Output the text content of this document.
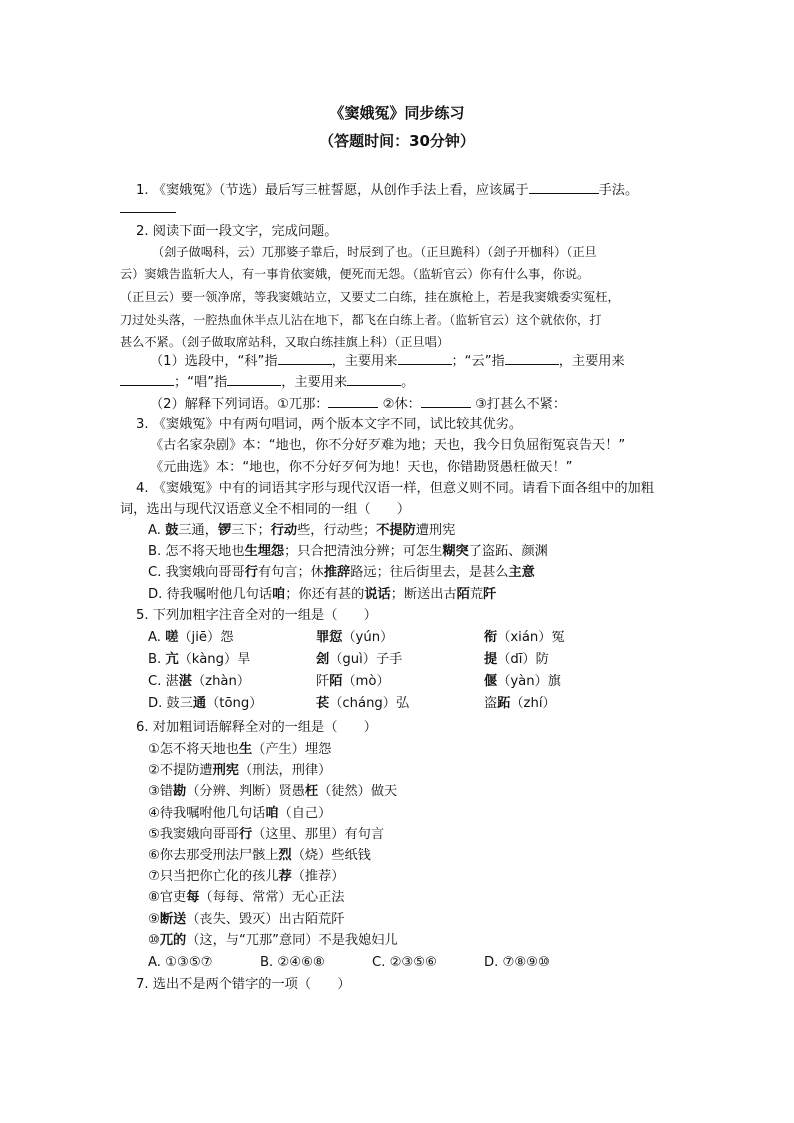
《窦娥冤》同步练习
（答题时间：30分钟）
1. 《窦娥冤》（节选）最后写三桩誓愿，从创作手法上看，应该属于	手法。
2. 阅读下面一段文字，完成问题。
（刽子做喝科，云）兀那婆子靠后，时辰到了也。（正旦跪科）（刽子开枷科）（正旦
云）窦娥告监斩大人，有一事肯依窦娥，便死而无怨。（监斩官云）你有什么事，你说。
（正旦云）要一领净席，等我窦娥站立，又要丈二白练，挂在旗枪上，若是我窦娥委实冤枉，
刀过处头落，一腔热血休半点儿沾在地下，都飞在白练上者。（监斩官云）这个就依你，打
甚么不紧。（刽子做取席站科，又取白练挂旗上科）（正旦唱）
（1）选段中，“科”指	，主要用来	；“云”指	，主要用来
；“唱”指	，主要用来	。
（2）解释下列词语。①兀那：	②休：	③打甚么不紧：
3. 《窦娥冤》中有两句唱词，两个版本文字不同，试比较其优劣。
《古名家杂剧》本：“地也，你不分好歹难为地；天也，我今日负屈衔冤哀告天！”
《元曲选》本：“地也，你不分好歹何为地！天也，你错勘贤愚枉做天！”
4. 《窦娥冤》中有的词语其字形与现代汉语一样，但意义则不同。请看下面各组中的加粗
词，选出与现代汉语意义全不相同的一组（　　）
A. 鼓三通，锣三下；行动些，行动些；不提防遭刑宪
B. 怎不将天地也生埋怨；只合把清浊分辨；可怎生糊突了盗跖、颜渊
C. 我窦娥向哥哥行有句言；休推辞路远；往后街里去，是甚么主意
D. 待我嘱咐他几句话咱；你还有甚的说话；断送出古陌荒阡
5. 下列加粗字注音全对的一组是（　　）
A. 嗟（jiē）怨	罪愆（yún）	衔（xián）冤
B. 亢（kàng）旱	刽（guì）子手	提（dī）防
C. 湛湛（zhàn）	阡陌（mò）	偃（yàn）旗
D. 鼓三通（tōng）	苌（cháng）弘	盗跖（zhí）
6. 对加粗词语解释全对的一组是（　　）
①怎不将天地也生（产生）埋怨
②不提防遭刑宪（刑法，刑律）
③错勘（分辨、判断）贤愚枉（徒然）做天
④待我嘱咐他几句话咱（自己）
⑤我窦娥向哥哥行（这里、那里）有句言
⑥你去那受刑法尸骸上烈（烧）些纸钱
⑦只当把你亡化的孩儿荐（推荐）
⑧官吏每（每每、常常）无心正法
⑨断送（丧失、毁灭）出古陌荒阡
⑩兀的（这，与“兀那”意同）不是我媳妇儿
A. ①③⑤⑦	B. ②④⑥⑧	C. ②③⑤⑥	D. ⑦⑧⑨⑩
7. 选出不是两个错字的一项（　　）
